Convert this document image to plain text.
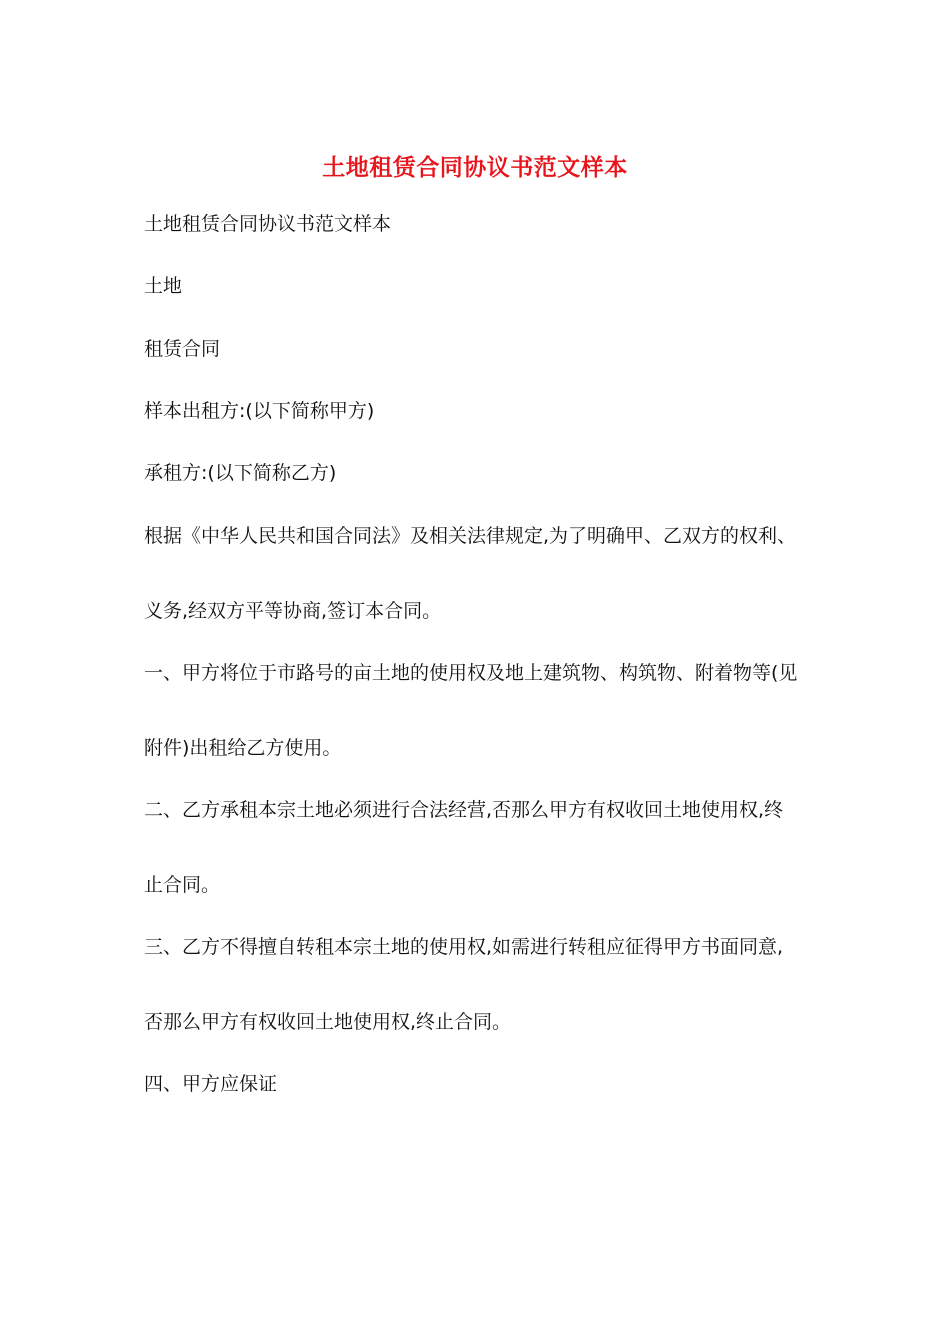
土地租赁合同协议书范文样本

土地租赁合同协议书范文样本

土地

租赁合同

样本出租方:(以下简称甲方)

承租方:(以下简称乙方)

根据《中华人民共和国合同法》及相关法律规定,为了明确甲、乙双方的权利、

义务,经双方平等协商,签订本合同。

一、甲方将位于市路号的亩土地的使用权及地上建筑物、构筑物、附着物等(见

附件)出租给乙方使用。

二、乙方承租本宗土地必须进行合法经营,否那么甲方有权收回土地使用权,终

止合同。

三、乙方不得擅自转租本宗土地的使用权,如需进行转租应征得甲方书面同意,

否那么甲方有权收回土地使用权,终止合同。

四、甲方应保证
